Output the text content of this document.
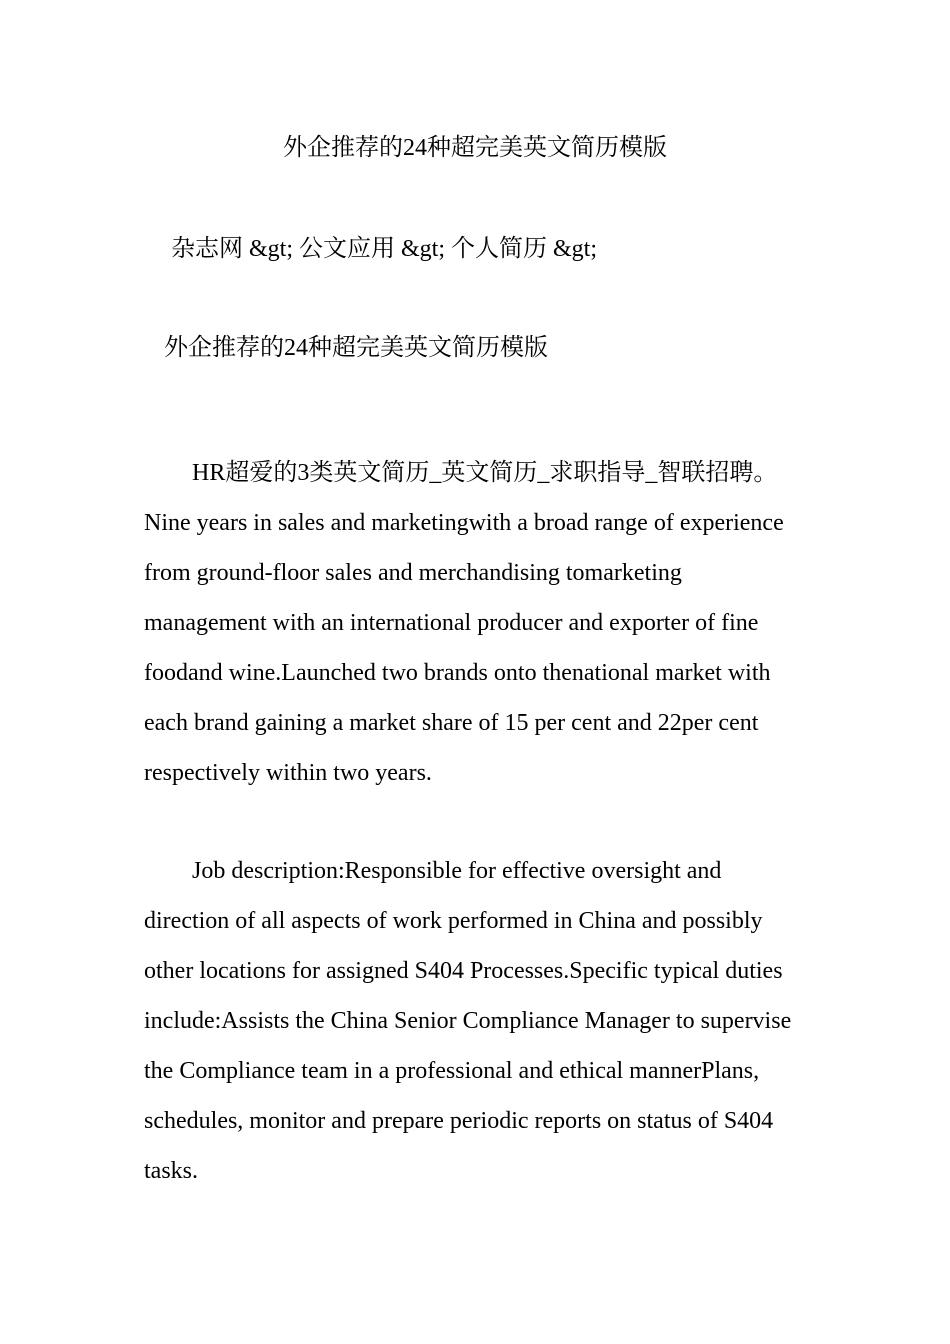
外企推荐的24种超完美英文简历模版
杂志网 &gt; 公文应用 &gt; 个人简历 &gt;
外企推荐的24种超完美英文简历模版

HR超爱的3类英文简历_英文简历_求职指导_智联招聘。Nine years in sales and marketingwith a broad range of experience from ground-floor sales and merchandising tomarketing management with an international producer and exporter of fine foodand wine.Launched two brands onto thenational market with each brand gaining a market share of 15 per cent and 22per cent respectively within two years.

Job description:Responsible for effective oversight and direction of all aspects of work performed in China and possibly other locations for assigned S404 Processes.Specific typical duties include:Assists the China Senior Compliance Manager to supervise the Compliance team in a professional and ethical mannerPlans, schedules, monitor and prepare periodic reports on status of S404 tasks.
